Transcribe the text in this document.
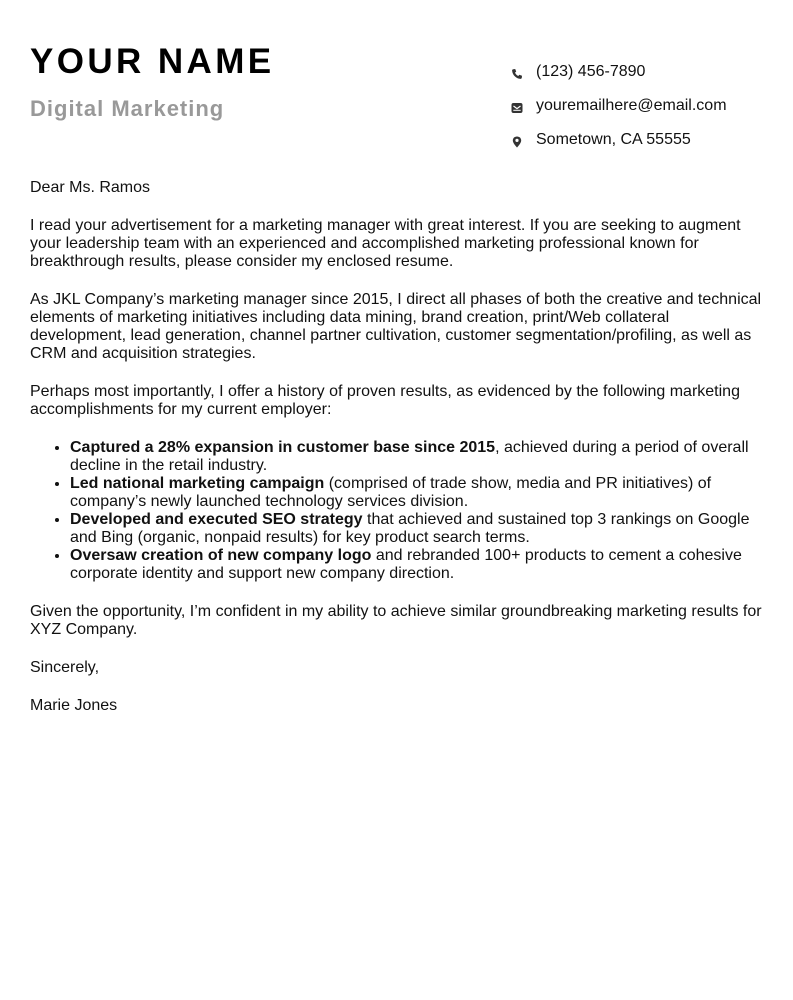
YOUR NAME
Digital Marketing
(123) 456-7890
youremailhere@email.com
Sometown, CA 55555

Dear Ms. Ramos

I read your advertisement for a marketing manager with great interest. If you are seeking to augment your leadership team with an experienced and accomplished marketing professional known for breakthrough results, please consider my enclosed resume.

As JKL Company’s marketing manager since 2015, I direct all phases of both the creative and technical elements of marketing initiatives including data mining, brand creation, print/Web collateral development, lead generation, channel partner cultivation, customer segmentation/profiling, as well as CRM and acquisition strategies.

Perhaps most importantly, I offer a history of proven results, as evidenced by the following marketing accomplishments for my current employer:

• Captured a 28% expansion in customer base since 2015, achieved during a period of overall decline in the retail industry.
• Led national marketing campaign (comprised of trade show, media and PR initiatives) of company’s newly launched technology services division.
• Developed and executed SEO strategy that achieved and sustained top 3 rankings on Google and Bing (organic, nonpaid results) for key product search terms.
• Oversaw creation of new company logo and rebranded 100+ products to cement a cohesive corporate identity and support new company direction.

Given the opportunity, I’m confident in my ability to achieve similar groundbreaking marketing results for XYZ Company.

Sincerely,

Marie Jones
